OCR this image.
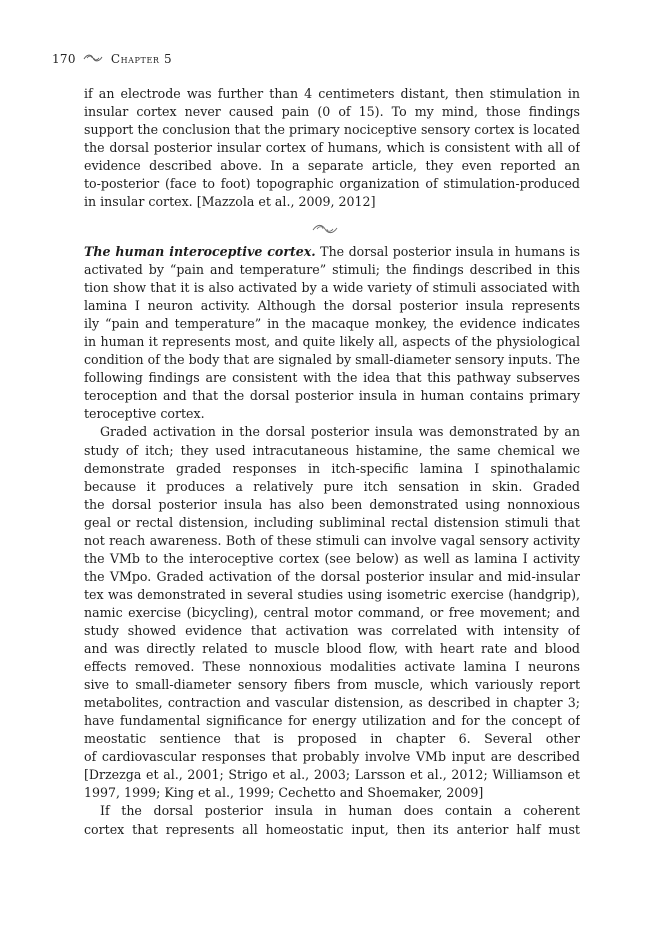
170	Chapter 5
if an electrode was further than 4 centimeters distant, then stimulation in
insular cortex never caused pain (0 of 15). To my mind, those findings
support the conclusion that the primary nociceptive sensory cortex is located
the dorsal posterior insular cortex of humans, which is consistent with all of
evidence described above. In a separate article, they even reported an
to-posterior (face to foot) topographic organization of stimulation-produced
in insular cortex. [Mazzola et al., 2009, 2012]
The human interoceptive cortex. The dorsal posterior insula in humans is
activated by “pain and temperature” stimuli; the findings described in this
tion show that it is also activated by a wide variety of stimuli associated with
lamina I neuron activity. Although the dorsal posterior insula represents
ily “pain and temperature” in the macaque monkey, the evidence indicates
in human it represents most, and quite likely all, aspects of the physiological
condition of the body that are signaled by small-diameter sensory inputs. The
following findings are consistent with the idea that this pathway subserves
teroception and that the dorsal posterior insula in human contains primary
teroceptive cortex.
Graded activation in the dorsal posterior insula was demonstrated by an
study of itch; they used intracutaneous histamine, the same chemical we
demonstrate graded responses in itch-specific lamina I spinothalamic
because it produces a relatively pure itch sensation in skin. Graded
the dorsal posterior insula has also been demonstrated using nonnoxious
geal or rectal distension, including subliminal rectal distension stimuli that
not reach awareness. Both of these stimuli can involve vagal sensory activity
the VMb to the interoceptive cortex (see below) as well as lamina I activity
the VMpo. Graded activation of the dorsal posterior insular and mid-insular
tex was demonstrated in several studies using isometric exercise (handgrip),
namic exercise (bicycling), central motor command, or free movement; and
study showed evidence that activation was correlated with intensity of
and was directly related to muscle blood flow, with heart rate and blood
effects removed. These nonnoxious modalities activate lamina I neurons
sive to small-diameter sensory fibers from muscle, which variously report
metabolites, contraction and vascular distension, as described in chapter 3;
have fundamental significance for energy utilization and for the concept of
meostatic sentience that is proposed in chapter 6. Several other
of cardiovascular responses that probably involve VMb input are described
[Drzezga et al., 2001; Strigo et al., 2003; Larsson et al., 2012; Williamson et
1997, 1999; King et al., 1999; Cechetto and Shoemaker, 2009]
If the dorsal posterior insula in human does contain a coherent
cortex that represents all homeostatic input, then its anterior half must
